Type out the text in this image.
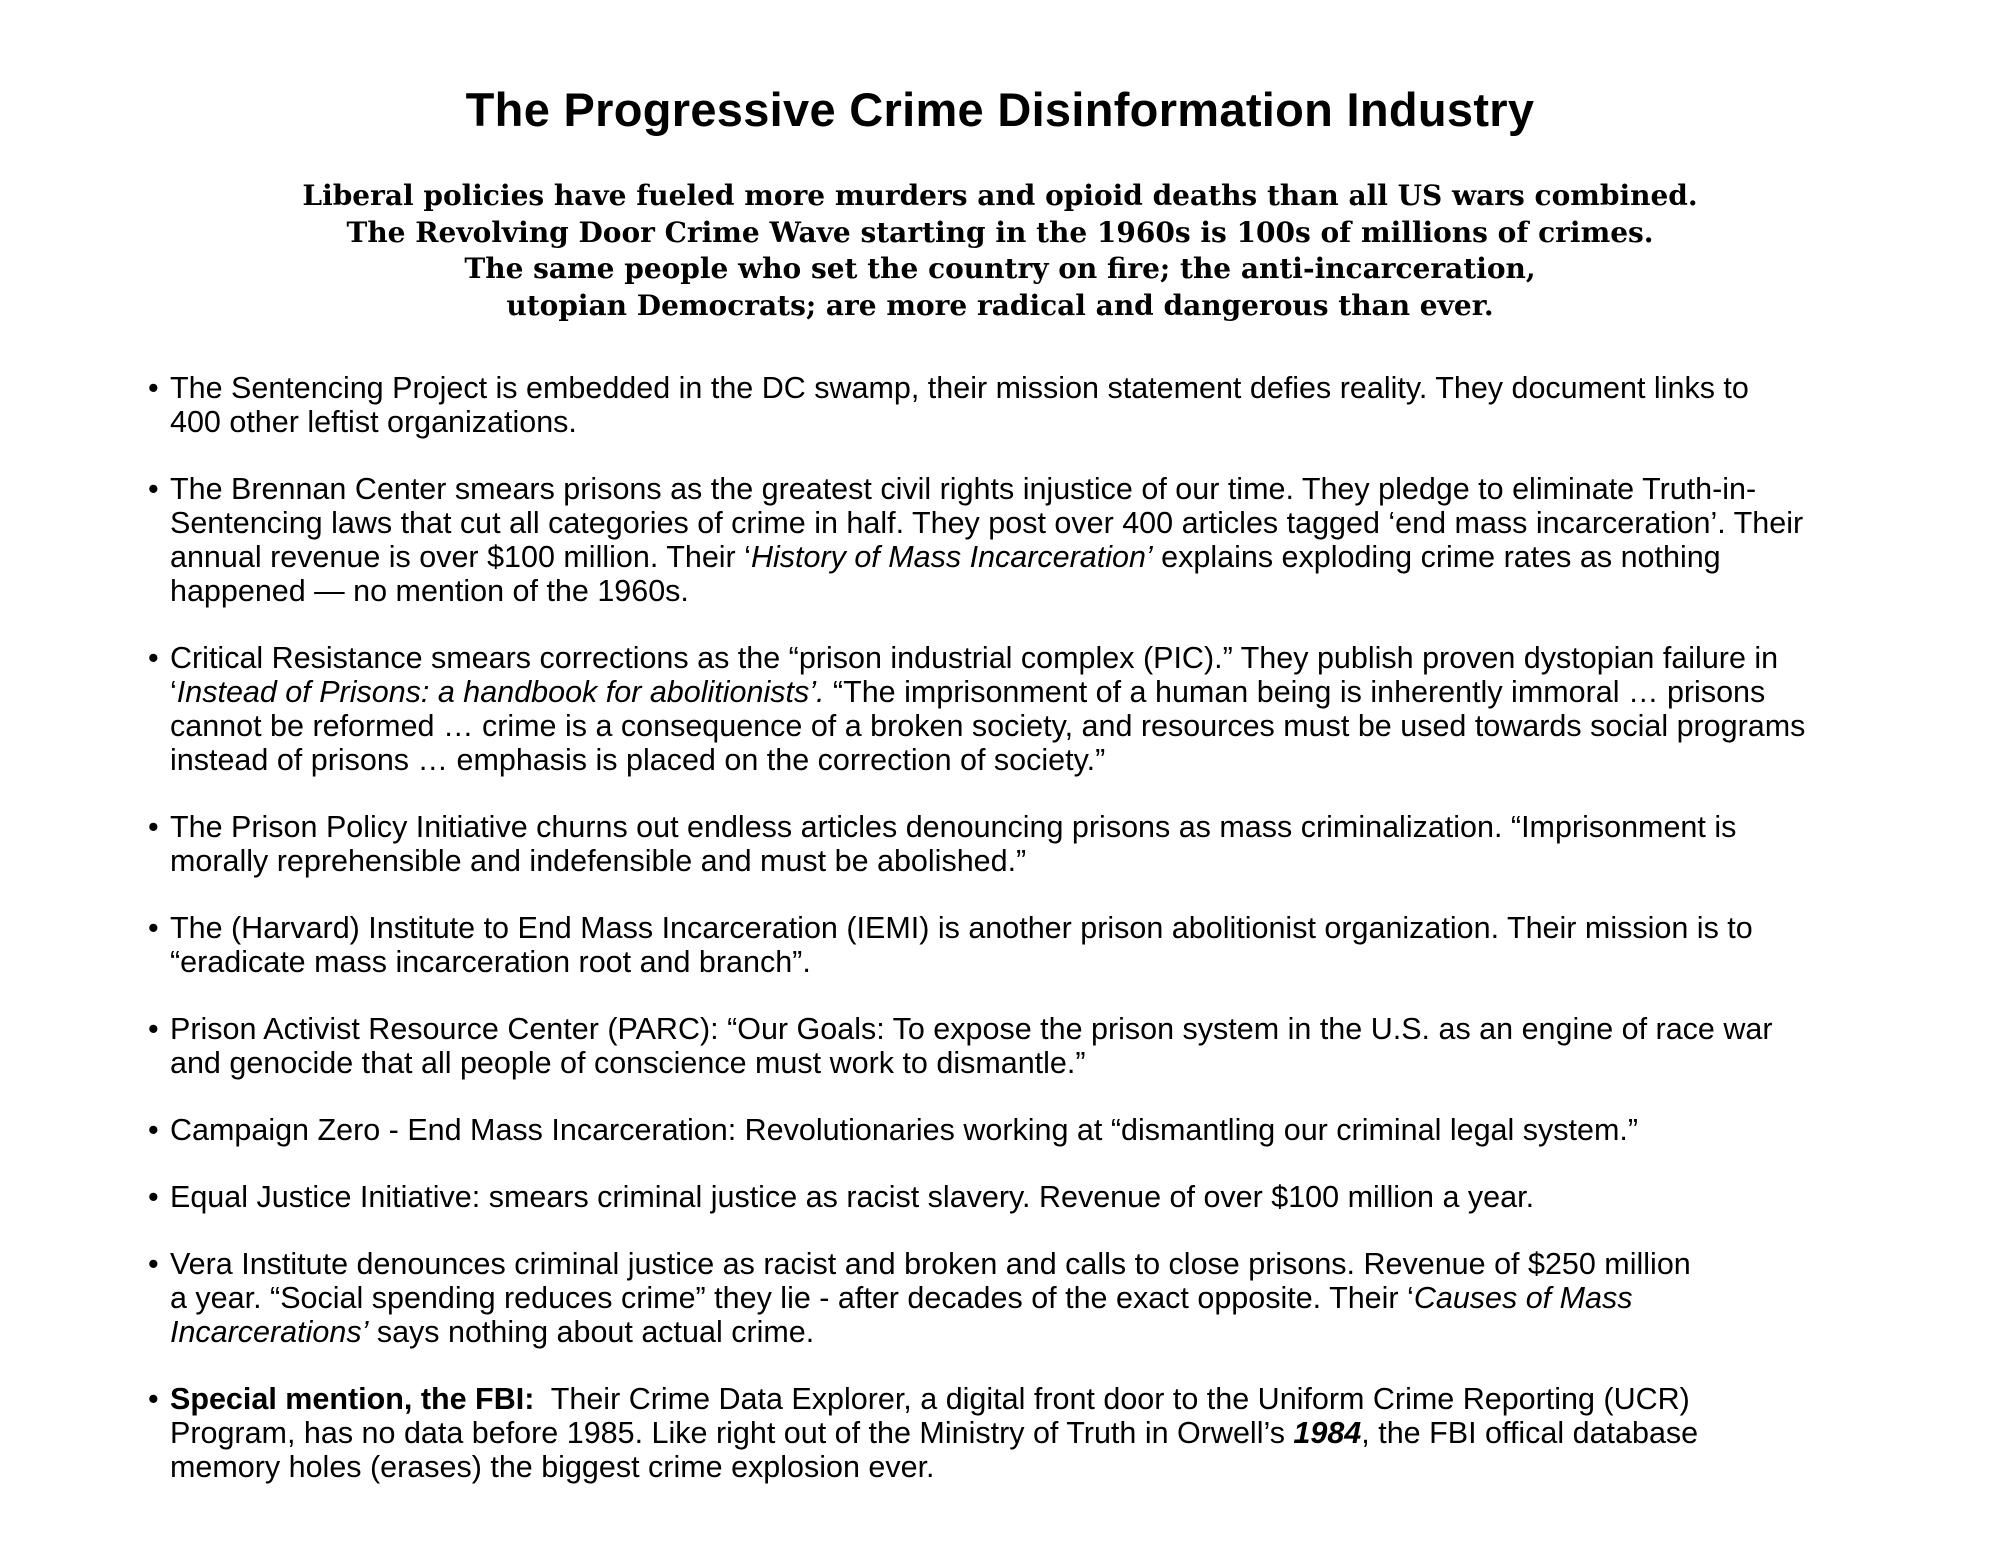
The Progressive Crime Disinformation Industry
Liberal policies have fueled more murders and opioid deaths than all US wars combined.
The Revolving Door Crime Wave starting in the 1960s is 100s of millions of crimes.
The same people who set the country on fire; the anti-incarceration,
utopian Democrats; are more radical and dangerous than ever.
• The Sentencing Project is embedded in the DC swamp, their mission statement defies reality. They document links to
400 other leftist organizations.
• The Brennan Center smears prisons as the greatest civil rights injustice of our time. They pledge to eliminate Truth-in-
Sentencing laws that cut all categories of crime in half. They post over 400 articles tagged ‘end mass incarceration’. Their
annual revenue is over $100 million. Their ‘History of Mass Incarceration’ explains exploding crime rates as nothing
happened — no mention of the 1960s.
• Critical Resistance smears corrections as the “prison industrial complex (PIC).” They publish proven dystopian failure in
‘Instead of Prisons: a handbook for abolitionists’. “The imprisonment of a human being is inherently immoral … prisons
cannot be reformed … crime is a consequence of a broken society, and resources must be used towards social programs
instead of prisons … emphasis is placed on the correction of society.”
• The Prison Policy Initiative churns out endless articles denouncing prisons as mass criminalization. “Imprisonment is
morally reprehensible and indefensible and must be abolished.”
• The (Harvard) Institute to End Mass Incarceration (IEMI) is another prison abolitionist organization. Their mission is to
“eradicate mass incarceration root and branch”.
• Prison Activist Resource Center (PARC): “Our Goals: To expose the prison system in the U.S. as an engine of race war
and genocide that all people of conscience must work to dismantle.”
• Campaign Zero - End Mass Incarceration: Revolutionaries working at “dismantling our criminal legal system.”
• Equal Justice Initiative: smears criminal justice as racist slavery. Revenue of over $100 million a year.
• Vera Institute denounces criminal justice as racist and broken and calls to close prisons. Revenue of $250 million
a year. “Social spending reduces crime” they lie - after decades of the exact opposite. Their ‘Causes of Mass
Incarcerations’ says nothing about actual crime.
• Special mention, the FBI:  Their Crime Data Explorer, a digital front door to the Uniform Crime Reporting (UCR)
Program, has no data before 1985. Like right out of the Ministry of Truth in Orwell’s 1984, the FBI offical database
memory holes (erases) the biggest crime explosion ever.
